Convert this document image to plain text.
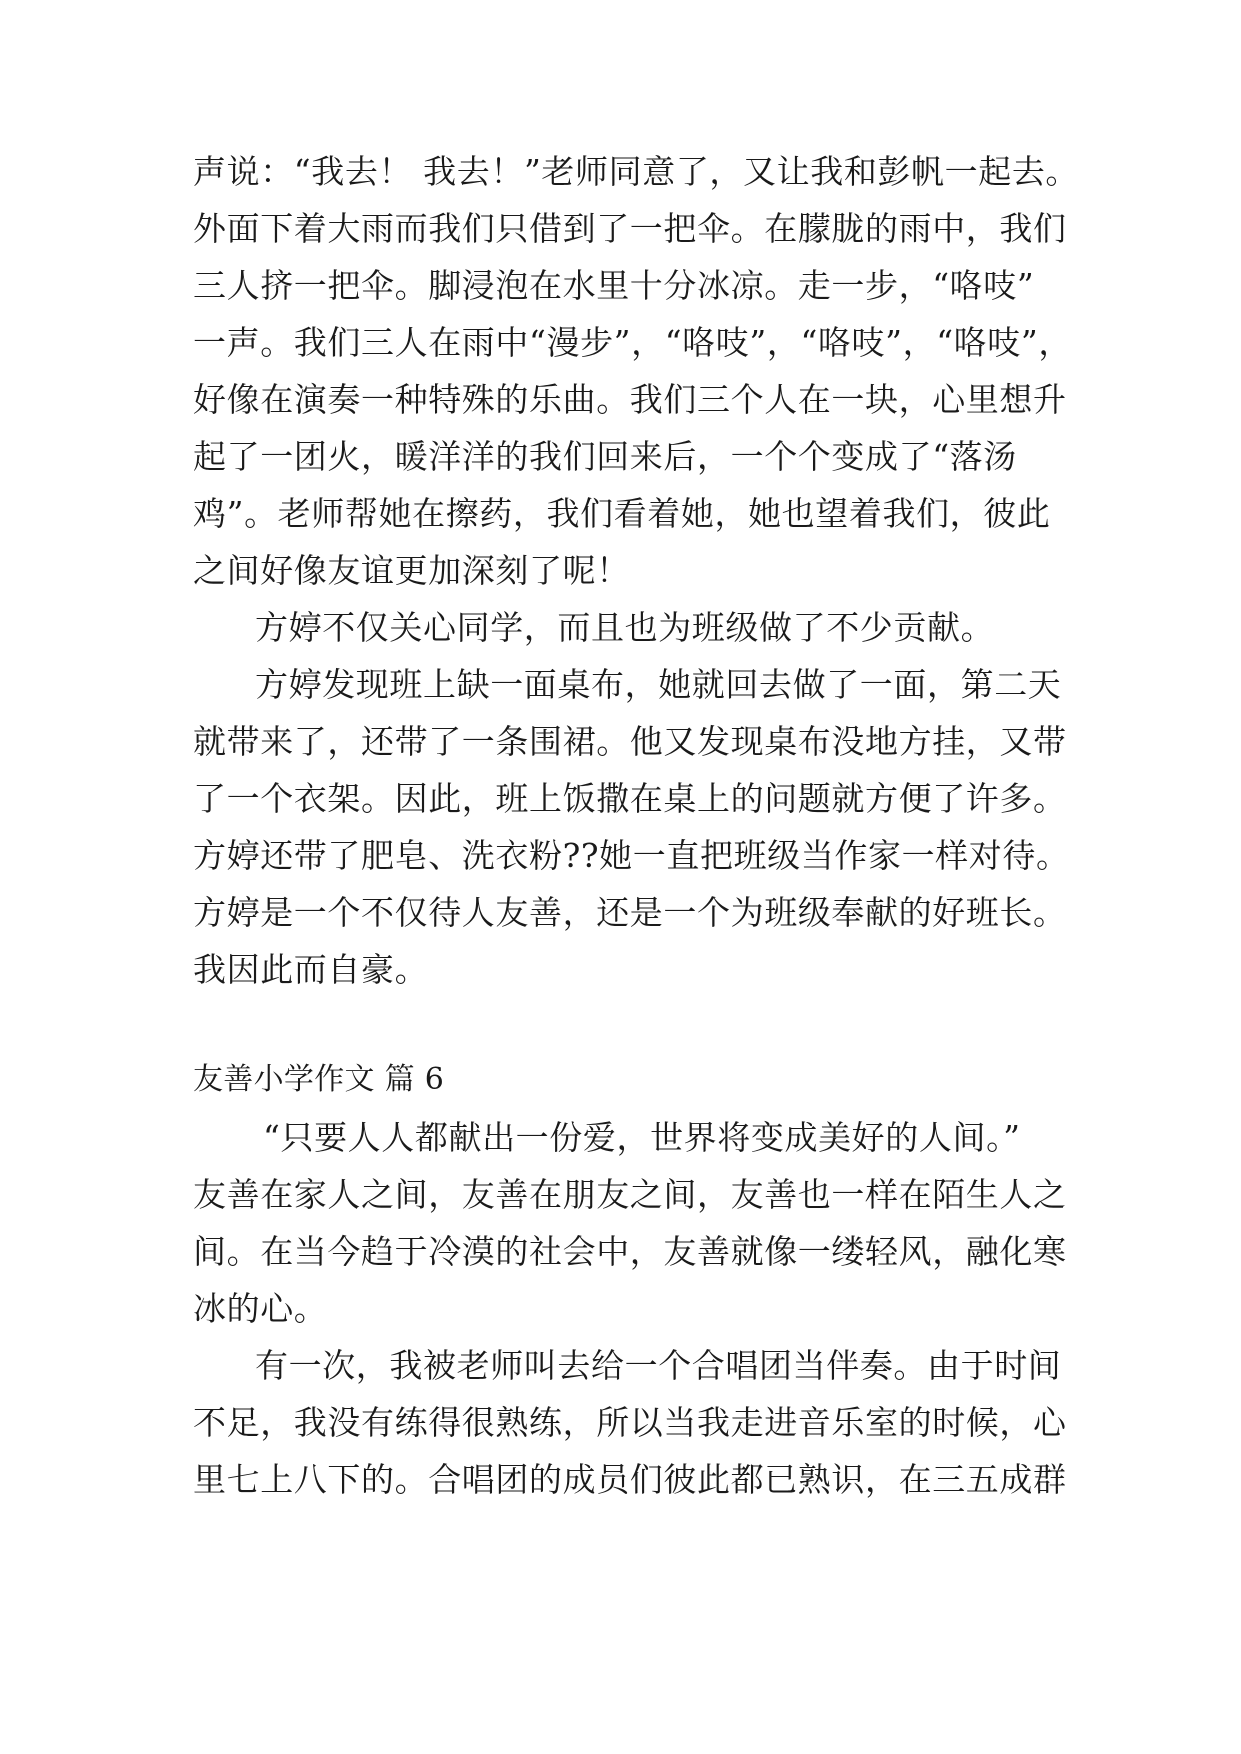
声说：“我去！ 我去！”老师同意了，又让我和彭帆一起去。
外面下着大雨而我们只借到了一把伞。在朦胧的雨中，我们
三人挤一把伞。脚浸泡在水里十分冰凉。走一步，“咯吱”
一声。我们三人在雨中“漫步”，“咯吱”，“咯吱”，“咯吱”，
好像在演奏一种特殊的乐曲。我们三个人在一块，心里想升
起了一团火，暖洋洋的我们回来后，一个个变成了“落汤
鸡”。老师帮她在擦药，我们看着她，她也望着我们，彼此
之间好像友谊更加深刻了呢！
方婷不仅关心同学，而且也为班级做了不少贡献。
方婷发现班上缺一面桌布，她就回去做了一面，第二天
就带来了，还带了一条围裙。他又发现桌布没地方挂，又带
了一个衣架。因此，班上饭撒在桌上的问题就方便了许多。
方婷还带了肥皂、洗衣粉??她一直把班级当作家一样对待。
方婷是一个不仅待人友善，还是一个为班级奉献的好班长。
我因此而自豪。
友善小学作文 篇 6
“只要人人都献出一份爱，世界将变成美好的人间。”
友善在家人之间，友善在朋友之间，友善也一样在陌生人之
间。在当今趋于冷漠的社会中，友善就像一缕轻风，融化寒
冰的心。
有一次，我被老师叫去给一个合唱团当伴奏。由于时间
不足，我没有练得很熟练，所以当我走进音乐室的时候，心
里七上八下的。合唱团的成员们彼此都已熟识，在三五成群
